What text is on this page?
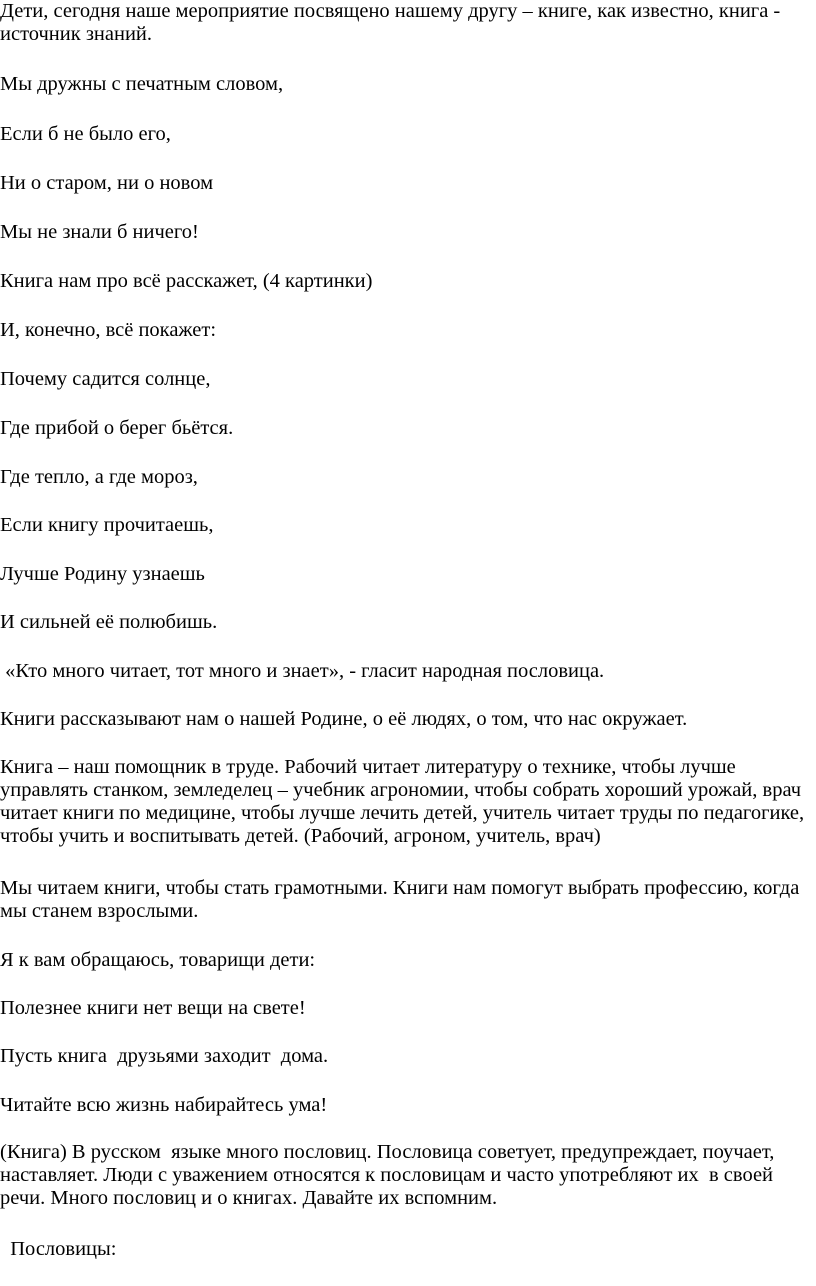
Дети, сегодня наше мероприятие посвящено нашему другу – книге, как известно, книга - источник знаний.

Мы дружны с печатным словом,

Если б не было его,

Ни о старом, ни о новом

Мы не знали б ничего!

Книга нам про всё расскажет, (4 картинки)

И, конечно, всё покажет:

Почему садится солнце,

Где прибой о берег бьётся.

Где тепло, а где мороз,

Если книгу прочитаешь,

Лучше Родину узнаешь

И сильней её полюбишь.

«Кто много читает, тот много и знает», - гласит народная пословица.

Книги рассказывают нам о нашей Родине, о её людях, о том, что нас окружает.

Книга – наш помощник в труде. Рабочий читает литературу о технике, чтобы лучше управлять станком, земледелец – учебник агрономии, чтобы собрать хороший урожай, врач читает книги по медицине, чтобы лучше лечить детей, учитель читает труды по педагогике, чтобы учить и воспитывать детей. (Рабочий, агроном, учитель, врач)

Мы читаем книги, чтобы стать грамотными. Книги нам помогут выбрать профессию, когда мы станем взрослыми.

Я к вам обращаюсь, товарищи дети:

Полезнее книги нет вещи на свете!

Пусть книга  друзьями заходит  дома.

Читайте всю жизнь набирайтесь ума!

(Книга) В русском  языке много пословиц. Пословица советует, предупреждает, поучает, наставляет. Люди с уважением относятся к пословицам и часто употребляют их  в своей речи. Много пословиц и о книгах. Давайте их вспомним.

Пословицы:
